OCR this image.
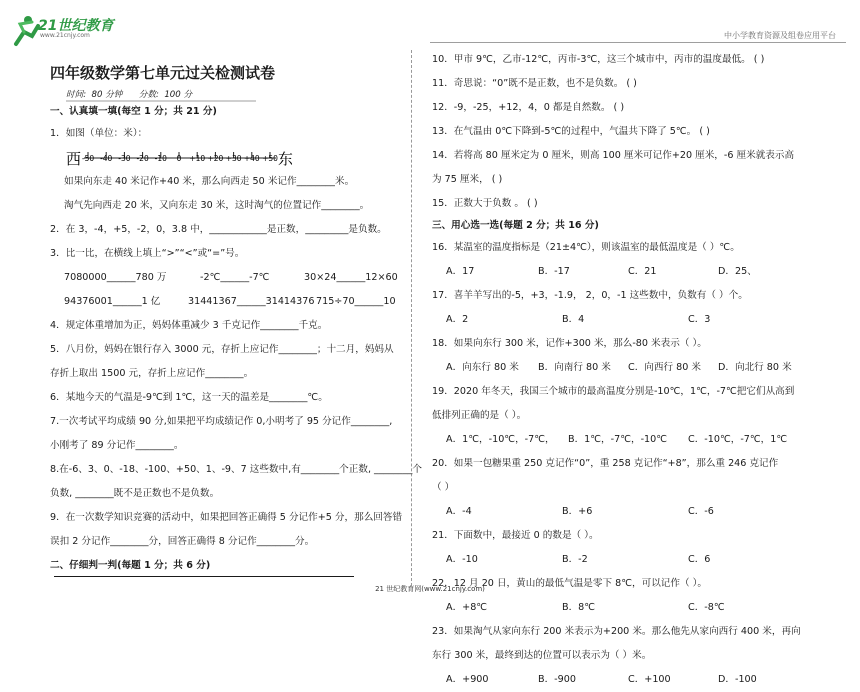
21世纪教育
www.21cnjy.com	中小学教育资源及组卷应用平台
四年级数学第七单元过关检测试卷
时间:  80 分钟      分数:  100 分
一、认真填一填(每空 1 分；共 21 分)
1．如图（单位：米）：
西	东
-50 -40 -30 -20 -10 0 +10 +20 +30 +40 +50
如果向东走 40 米记作+40 米，那么向西走 50 米记作________米。
淘气先向西走 20 米，又向东走 30 米，这时淘气的位置记作________。
2．在 3，-4，+5，-2，0，3.8 中，____________是正数，_________是负数。
3．比一比，在横线上填上“>”“<”或“=”号。
7080000______780 万	-2℃______-7℃	30×24______12×60
94376001______1 亿	31441367______31414376 715÷70______10
4．规定体重增加为正，妈妈体重减少 3 千克记作________千克。
5．八月份，妈妈在银行存入 3000 元，存折上应记作________；十二月，妈妈从
存折上取出 1500 元，存折上应记作________。
6．某地今天的气温是-9℃到 1℃，这一天的温差是________℃。
7.一次考试平均成绩 90 分,如果把平均成绩记作 0,小明考了 95 分记作________,
小刚考了 89 分记作________。
8.在-6、3、0、-18、-100、+50、1、-9、7 这些数中,有________个正数, ________个
负数, ________既不是正数也不是负数。
9．在一次数学知识竞赛的活动中，如果把回答正确得 5 分记作+5 分，那么回答错
误扣 2 分记作________分，回答正确得 8 分记作________分。
二、仔细判一判(每题 1 分；共 6 分)
10．甲市 9℃，乙市-12℃，丙市-3℃，这三个城市中，丙市的温度最低。 ( )
11．奇思说：“0”既不是正数，也不是负数。 ( )
12．-9，-25，+12，4，0 都是自然数。 ( )
13．在气温由 0℃下降到-5℃的过程中，气温共下降了 5℃。 ( )
14．若将高 80 厘米定为 0 厘米，则高 100 厘米可记作+20 厘米，-6 厘米就表示高
为 75 厘米， ( )
15．正数大于负数 。 ( )
三、用心选一选(每题 2 分；共 16 分)
16．某温室的温度指标是（21±4℃），则该温室的最低温度是（ ）℃。
A．17	B．-17	C．21	D．25、
17．喜羊羊写出的-5，+3，-1.9， 2，0，-1 这些数中，负数有（ ）个。
A．2	B．4	C．3
18．如果向东行 300 米，记作+300 米，那么-80 米表示（ ）。
A．向东行 80 米 B．向南行 80 米 C．向西行 80 米 D．向北行 80 米
19．2020 年冬天，我国三个城市的最高温度分别是-10℃，1℃，-7℃把它们从高到
低排列正确的是（ ）。
A．1℃，-10℃，-7℃， B．1℃，-7℃，-10℃ C．-10℃，-7℃，1℃
20．如果一包糖果重 250 克记作“0”，重 258 克记作“+8”，那么重 246 克记作
（ ）
A．-4	B．+6	C．-6
21．下面数中，最接近 0 的数是（ ）。
A．-10	B．-2	C．6
22．12 月 20 日，黄山的最低气温是零下 8℃，可以记作（ ）。
A．+8℃	B．8℃	C．-8℃
23．如果淘气从家向东行 200 米表示为+200 米。那么他先从家向西行 400 米，再向
东行 300 米，最终到达的位置可以表示为（ ）米。
A．+900	B．-900	C．+100	D．-100
21 世纪教育网(www.21cnjy.com)
